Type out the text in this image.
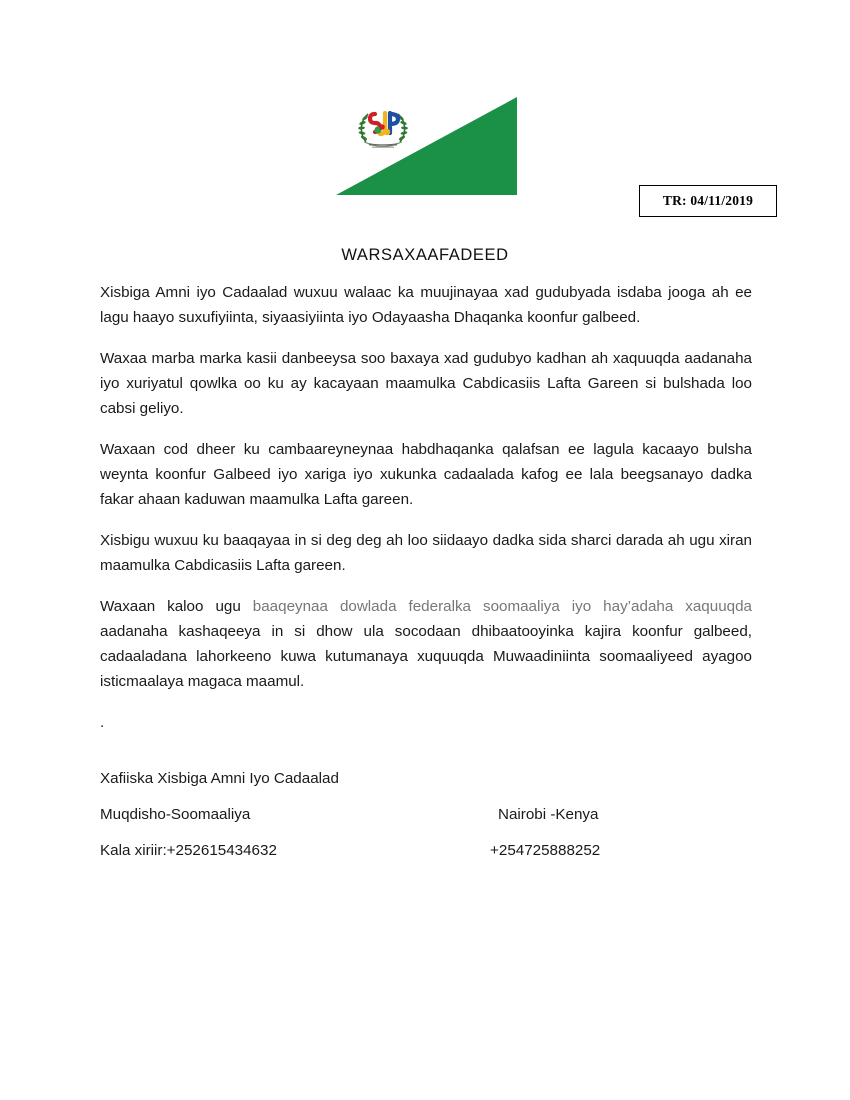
TR: 04/11/2019
WARSAXAAFADEED

Xisbiga Amni iyo Cadaalad wuxuu walaac ka muujinayaa xad gudubyada isdaba jooga ah ee lagu haayo suxufiyiinta, siyaasiyiinta iyo Odayaasha Dhaqanka koonfur galbeed.

Waxaa marba marka kasii danbeeysa soo baxaya xad gudubyo kadhan ah xaquuqda aadanaha iyo xuriyatul qowlka oo ku ay kacayaan maamulka Cabdicasiis Lafta Gareen si bulshada loo cabsi geliyo.

Waxaan cod dheer ku cambaareyneynaa habdhaqanka qalafsan ee lagula kacaayo bulsha weynta koonfur Galbeed iyo xariga iyo xukunka cadaalada kafog ee lala beegsanayo dadka fakar ahaan kaduwan maamulka Lafta gareen.

Xisbigu wuxuu ku baaqayaa in si deg deg ah loo siidaayo dadka sida sharci darada ah ugu xiran maamulka Cabdicasiis Lafta gareen.

Waxaan kaloo ugu baaqeynaa dowlada federalka soomaaliya iyo hay’adaha xaquuqda aadanaha kashaqeeya in si dhow ula socodaan dhibaatooyinka kajira koonfur galbeed, cadaaladana lahorkeeno kuwa kutumanaya xuquuqda Muwaadiniinta soomaaliyeed ayagoo isticmaalaya magaca maamul.

.

Xafiiska Xisbiga Amni Iyo Cadaalad
Muqdisho-Soomaaliya	Nairobi -Kenya
Kala xiriir:+252615434632	+254725888252
